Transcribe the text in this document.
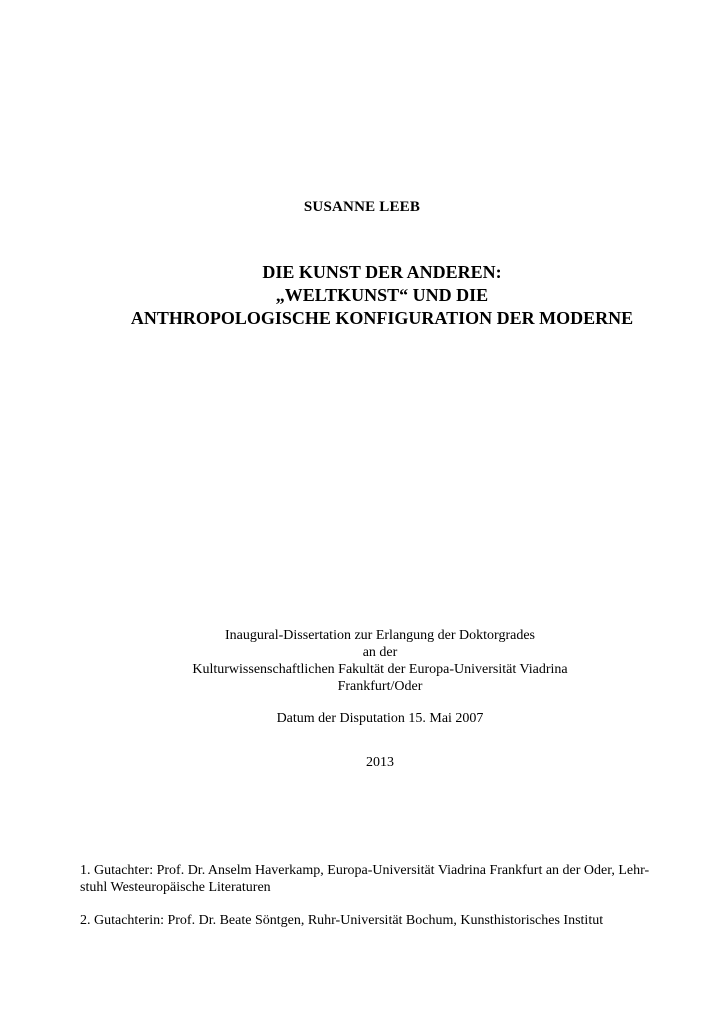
SUSANNE LEEB
DIE KUNST DER ANDEREN:
„WELTKUNST“ UND DIE
ANTHROPOLOGISCHE KONFIGURATION DER MODERNE
Inaugural-Dissertation zur Erlangung der Doktorgrades
an der
Kulturwissenschaftlichen Fakultät der Europa-Universität Viadrina
Frankfurt/Oder
Datum der Disputation 15. Mai 2007
2013
1. Gutachter: Prof. Dr. Anselm Haverkamp, Europa-Universität Viadrina Frankfurt an der Oder, Lehr-
stuhl Westeuropäische Literaturen
2. Gutachterin: Prof. Dr. Beate Söntgen, Ruhr-Universität Bochum, Kunsthistorisches Institut
